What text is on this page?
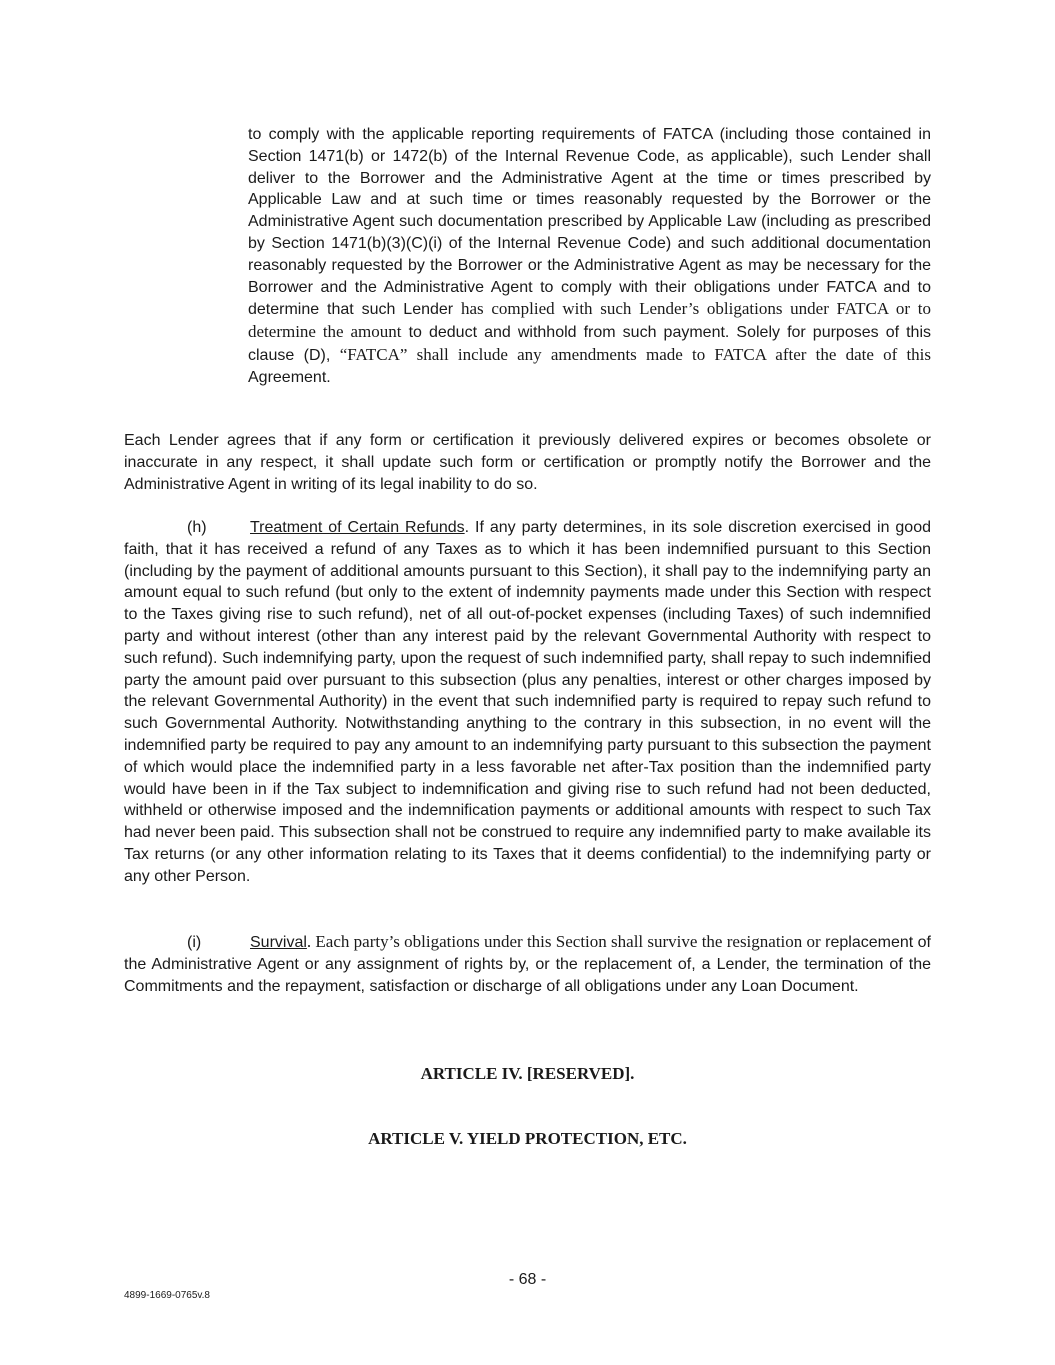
to comply with the applicable reporting requirements of FATCA (including those contained in Section 1471(b) or 1472(b) of the Internal Revenue Code, as applicable), such Lender shall deliver to the Borrower and the Administrative Agent at the time or times prescribed by Applicable Law and at such time or times reasonably requested by the Borrower or the Administrative Agent such documentation prescribed by Applicable Law (including as prescribed by Section 1471(b)(3)(C)(i) of the Internal Revenue Code) and such additional documentation reasonably requested by the Borrower or the Administrative Agent as may be necessary for the Borrower and the Administrative Agent to comply with their obligations under FATCA and to determine that such Lender has complied with such Lender’s obligations under FATCA or to determine the amount to deduct and withhold from such payment. Solely for purposes of this clause (D), “FATCA” shall include any amendments made to FATCA after the date of this Agreement.

Each Lender agrees that if any form or certification it previously delivered expires or becomes obsolete or inaccurate in any respect, it shall update such form or certification or promptly notify the Borrower and the Administrative Agent in writing of its legal inability to do so.

(h)	Treatment of Certain Refunds. If any party determines, in its sole discretion exercised in good faith, that it has received a refund of any Taxes as to which it has been indemnified pursuant to this Section (including by the payment of additional amounts pursuant to this Section), it shall pay to the indemnifying party an amount equal to such refund (but only to the extent of indemnity payments made under this Section with respect to the Taxes giving rise to such refund), net of all out-of-pocket expenses (including Taxes) of such indemnified party and without interest (other than any interest paid by the relevant Governmental Authority with respect to such refund). Such indemnifying party, upon the request of such indemnified party, shall repay to such indemnified party the amount paid over pursuant to this subsection (plus any penalties, interest or other charges imposed by the relevant Governmental Authority) in the event that such indemnified party is required to repay such refund to such Governmental Authority. Notwithstanding anything to the contrary in this subsection, in no event will the indemnified party be required to pay any amount to an indemnifying party pursuant to this subsection the payment of which would place the indemnified party in a less favorable net after-Tax position than the indemnified party would have been in if the Tax subject to indemnification and giving rise to such refund had not been deducted, withheld or otherwise imposed and the indemnification payments or additional amounts with respect to such Tax had never been paid. This subsection shall not be construed to require any indemnified party to make available its Tax returns (or any other information relating to its Taxes that it deems confidential) to the indemnifying party or any other Person.

(i)	Survival. Each party’s obligations under this Section shall survive the resignation or replacement of the Administrative Agent or any assignment of rights by, or the replacement of, a Lender, the termination of the Commitments and the repayment, satisfaction or discharge of all obligations under any Loan Document.

ARTICLE IV. [RESERVED].
ARTICLE V. YIELD PROTECTION, ETC.
- 68 -
4899-1669-0765v.8
